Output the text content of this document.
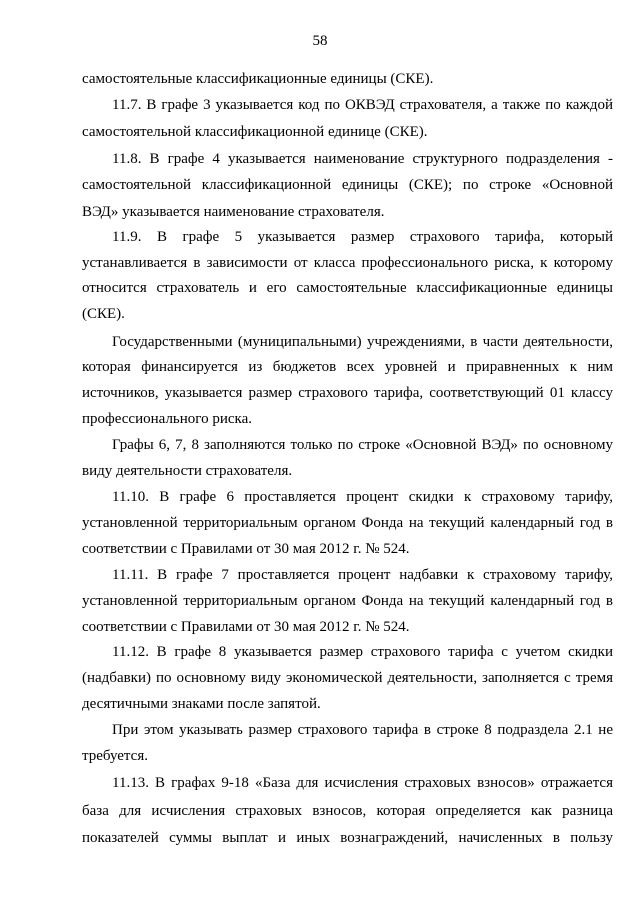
58
самостоятельные классификационные единицы (СКЕ).
11.7. В графе 3 указывается код по ОКВЭД страхователя, а также по каждой
самостоятельной классификационной единице (СКЕ).
11.8. В графе 4 указывается наименование структурного подразделения -
самостоятельной классификационной единицы (СКЕ); по строке «Основной
ВЭД» указывается наименование страхователя.
11.9. В графе 5 указывается размер страхового тарифа, который
устанавливается в зависимости от класса профессионального риска, к которому
относится страхователь и его самостоятельные классификационные единицы
(СКЕ).
Государственными (муниципальными) учреждениями, в части деятельности,
которая финансируется из бюджетов всех уровней и приравненных к ним
источников, указывается размер страхового тарифа, соответствующий 01 классу
профессионального риска.
Графы 6, 7, 8 заполняются только по строке «Основной ВЭД» по основному
виду деятельности страхователя.
11.10. В графе 6 проставляется процент скидки к страховому тарифу,
установленной территориальным органом Фонда на текущий календарный год в
соответствии с Правилами от 30 мая 2012 г. № 524.
11.11. В графе 7 проставляется процент надбавки к страховому тарифу,
установленной территориальным органом Фонда на текущий календарный год в
соответствии с Правилами от 30 мая 2012 г. № 524.
11.12. В графе 8 указывается размер страхового тарифа с учетом скидки
(надбавки) по основному виду экономической деятельности, заполняется с тремя
десятичными знаками после запятой.
При этом указывать размер страхового тарифа в строке 8 подраздела 2.1 не
требуется.
11.13. В графах 9-18 «База для исчисления страховых взносов» отражается
база для исчисления страховых взносов, которая определяется как разница
показателей суммы выплат и иных вознаграждений, начисленных в пользу
